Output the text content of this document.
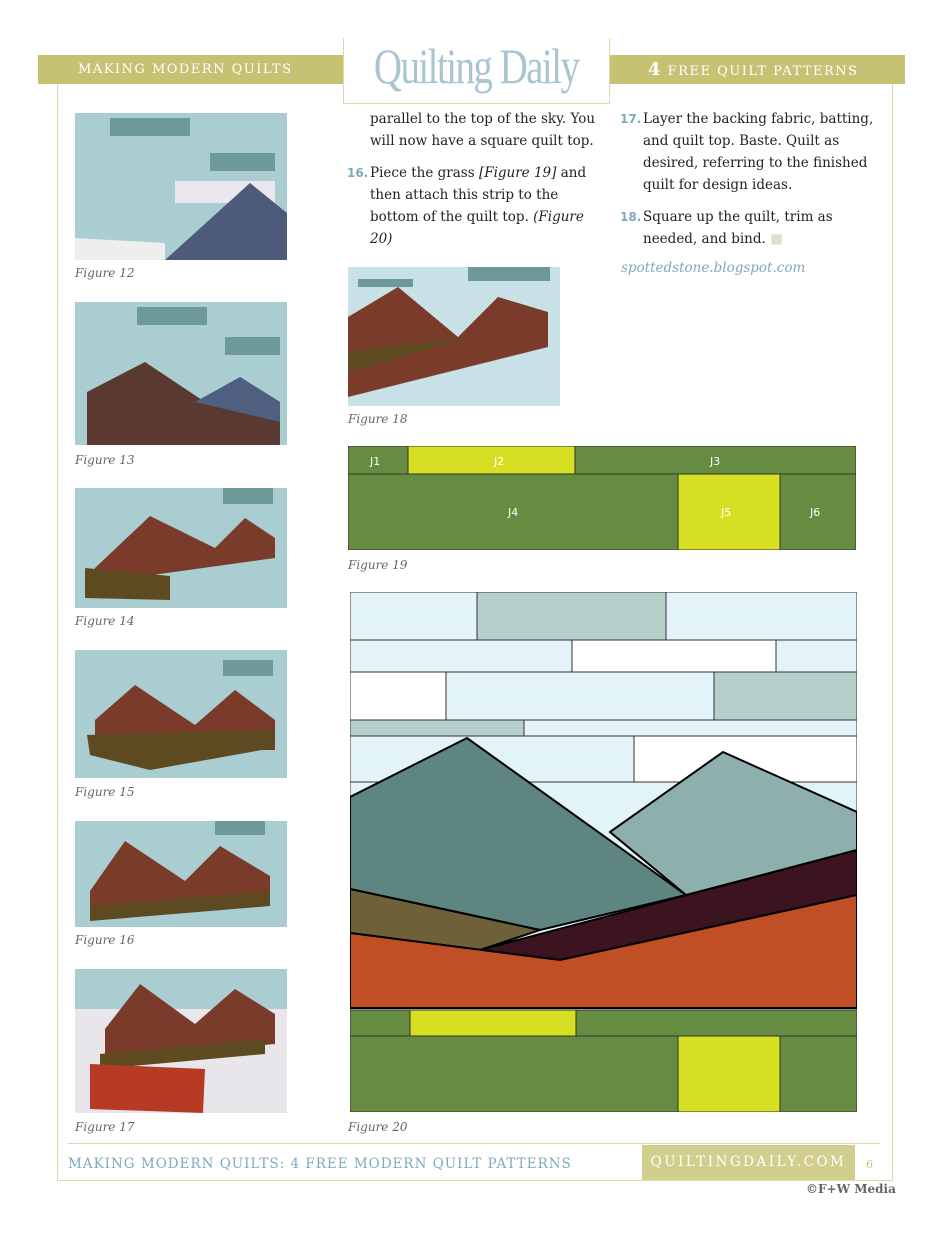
MAKING MODERN QUILTS	4 FREE QUILT PATTERNS
Quilting Daily
Figure 12
Figure 13
Figure 14
Figure 15
Figure 16
Figure 17
parallel to the top of the sky. You will now have a square quilt top.
16. Piece the grass [Figure 19] and then attach this strip to the bottom of the quilt top. (Figure 20)
17. Layer the backing fabric, batting, and quilt top. Baste. Quilt as desired, referring to the finished quilt for design ideas.
18. Square up the quilt, trim as needed, and bind. ■
spottedstone.blogspot.com
Figure 18
J1	J2	J3
J4	J5	J6
Figure 19
Figure 20
MAKING MODERN QUILTS: 4 FREE MODERN QUILT PATTERNS	QUILTINGDAILY.COM	6
©F+W Media
